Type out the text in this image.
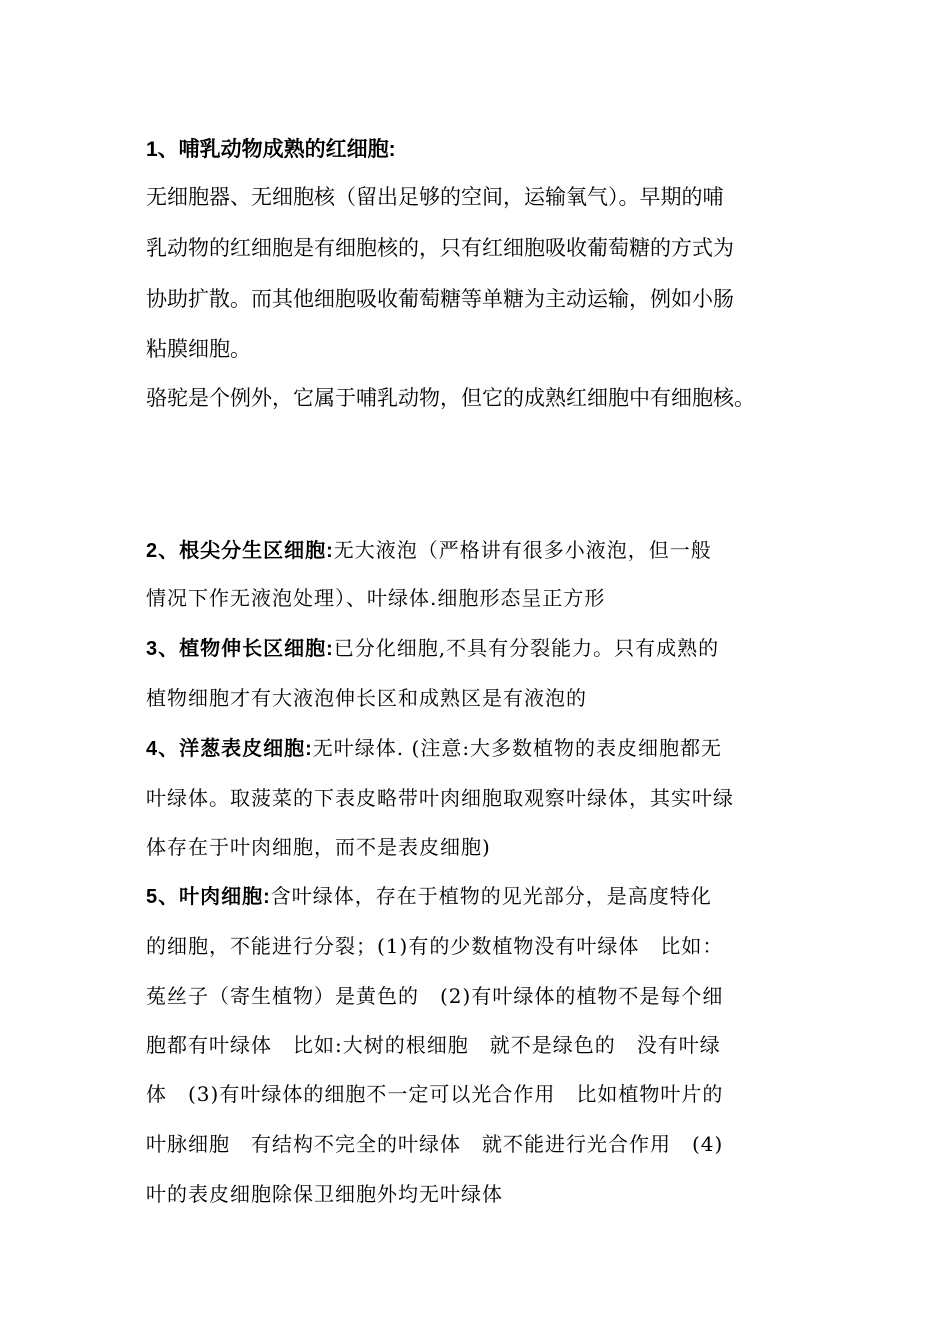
1、哺乳动物成熟的红细胞:
无细胞器、无细胞核（留出足够的空间，运输氧气）。早期的哺
乳动物的红细胞是有细胞核的，只有红细胞吸收葡萄糖的方式为
协助扩散。而其他细胞吸收葡萄糖等单糖为主动运输，例如小肠
粘膜细胞。
骆驼是个例外，它属于哺乳动物，但它的成熟红细胞中有细胞核。
2、根尖分生区细胞:无大液泡（严格讲有很多小液泡，但一般
情况下作无液泡处理）、叶绿体.细胞形态呈正方形
3、植物伸长区细胞:已分化细胞,不具有分裂能力。只有成熟的
植物细胞才有大液泡伸长区和成熟区是有液泡的
4、洋葱表皮细胞:无叶绿体. (注意:大多数植物的表皮细胞都无
叶绿体。取菠菜的下表皮略带叶肉细胞取观察叶绿体，其实叶绿
体存在于叶肉细胞，而不是表皮细胞)
5、叶肉细胞:含叶绿体，存在于植物的见光部分，是高度特化
的细胞，不能进行分裂；(1)有的少数植物没有叶绿体　比如：
菟丝子（寄生植物）是黄色的　(2)有叶绿体的植物不是每个细
胞都有叶绿体　比如:大树的根细胞　就不是绿色的　没有叶绿
体　(3)有叶绿体的细胞不一定可以光合作用　比如植物叶片的
叶脉细胞　有结构不完全的叶绿体　就不能进行光合作用　(4)
叶的表皮细胞除保卫细胞外均无叶绿体
